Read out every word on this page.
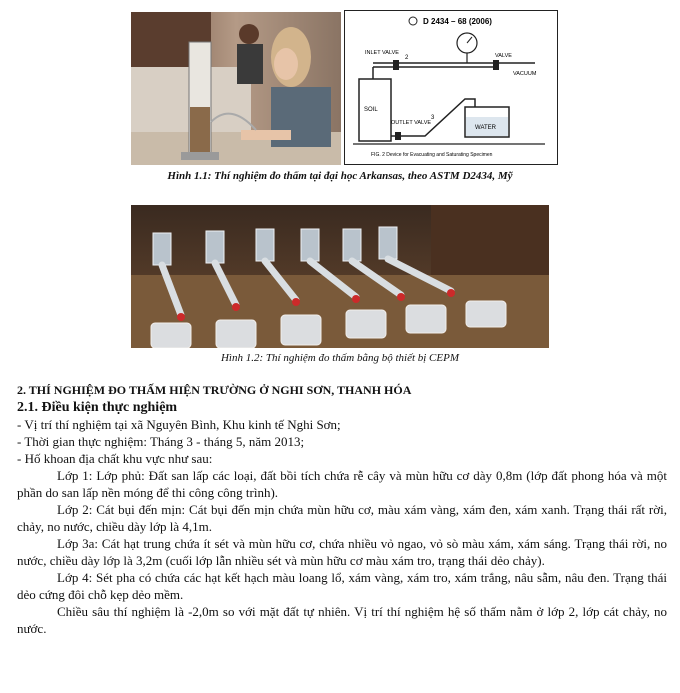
D 2434 – 68 (2006)
INLET VALVE	VALVE
VACUUM
2
SOIL
OUTLET VALVE
3
WATER
FIG. 2 Device for Evacuating and Saturating Specimen
Hình 1.1: Thí nghiệm đo thấm tại đại học Arkansas, theo ASTM D2434, Mỹ
Hình 1.2: Thí nghiệm đo thấm bằng bộ thiết bị CEPM
2. THÍ NGHIỆM ĐO THẤM HIỆN TRƯỜNG Ở NGHI SƠN, THANH HÓA
2.1. Điều kiện thực nghiệm
- Vị trí thí nghiệm tại xã Nguyên Bình, Khu kinh tế Nghi Sơn;
- Thời gian thực nghiệm: Tháng 3 - tháng 5, năm 2013;
- Hố khoan địa chất khu vực như sau:
Lớp 1: Lớp phủ: Đất san lấp các loại, đất bồi tích chứa rễ cây và mùn hữu cơ dày 0,8m (lớp đất phong hóa và một phần do san lấp nền móng để thi công công trình).
Lớp 2: Cát bụi đến mịn: Cát bụi đến mịn chứa mùn hữu cơ, màu xám vàng, xám đen, xám xanh. Trạng thái rất rời, chảy, no nước, chiều dày lớp là 4,1m.
Lớp 3a: Cát hạt trung chứa ít sét và mùn hữu cơ, chứa nhiều vỏ ngao, vỏ sò màu xám, xám sáng. Trạng thái rời, no nước, chiều dày lớp là 3,2m (cuối lớp lẫn nhiều sét và mùn hữu cơ màu xám tro, trạng thái dẻo chảy).
Lớp 4: Sét pha có chứa các hạt kết hạch màu loang lổ, xám vàng, xám tro, xám trắng, nâu sẫm, nâu đen. Trạng thái dẻo cứng đôi chỗ kẹp dẻo mềm.
Chiều sâu thí nghiệm là -2,0m so với mặt đất tự nhiên. Vị trí thí nghiệm hệ số thấm nằm ở lớp 2, lớp cát chảy, no nước.
